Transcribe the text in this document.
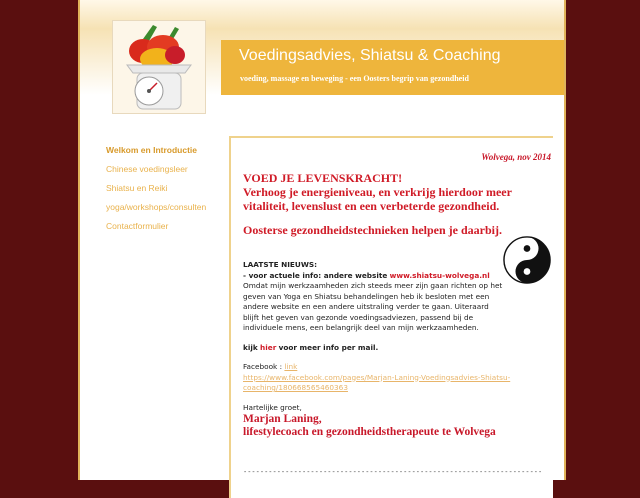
Voedingsadvies, Shiatsu & Coaching
voeding, massage en beweging - een Oosters begrip van gezondheid
Welkom en Introductie
Chinese voedingsleer
Shiatsu en Reiki
yoga/workshops/consulten
Contactformulier
Wolvega, nov 2014
VOED JE LEVENSKRACHT!
Verhoog je energieniveau, en verkrijg hierdoor meer vitaliteit, levenslust en een verbeterde gezondheid.
Oosterse gezondheidstechnieken helpen je daarbij.
LAATSTE NIEUWS:
- voor actuele info: andere website www.shiatsu-wolvega.nl
Omdat mijn werkzaamheden zich steeds meer zijn gaan richten op het geven van Yoga en Shiatsu behandelingen heb ik besloten met een andere website en een andere uitstraling verder te gaan. Uiteraard blijft het geven van gezonde voedingsadviezen, passend bij de individuele mens, een belangrijk deel van mijn werkzaamheden.
kijk hier voor meer info per mail.
Facebook : link
https://www.facebook.com/pages/Marjan-Laning-Voedingsadvies-Shiatsu-coaching/180668565460363
Hartelijke groet,
Marjan Laning,
lifestylecoach en gezondheidstherapeute te Wolvega
-----------------------------------------------------------------------
